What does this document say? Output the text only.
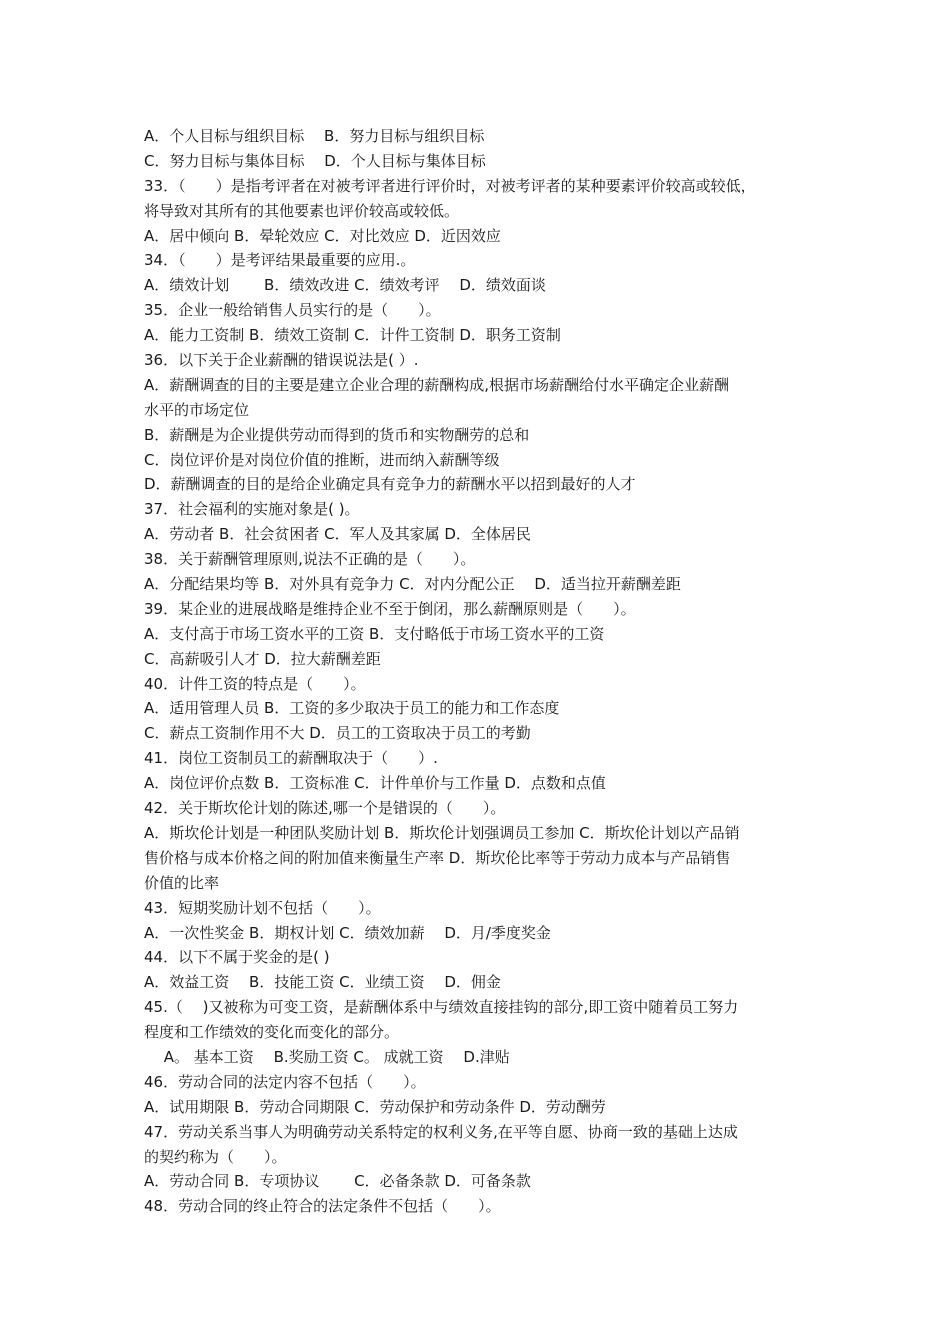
A．个人目标与组织目标　 B．努力目标与组织目标
C．努力目标与集体目标　 D．个人目标与集体目标
33．（　　）是指考评者在对被考评者进行评价时，对被考评者的某种要素评价较高或较低，
将导致对其所有的其他要素也评价较高或较低。
A．居中倾向 B．晕轮效应 C．对比效应 D．近因效应
34．（　　）是考评结果最重要的应用.。
A．绩效计划　　 B．绩效改进 C．绩效考评　 D．绩效面谈
35．企业一般给销售人员实行的是（　　）。
A．能力工资制 B．绩效工资制 C．计件工资制 D．职务工资制
36．以下关于企业薪酬的错误说法是( ）.
A．薪酬调查的目的主要是建立企业合理的薪酬构成,根据市场薪酬给付水平确定企业薪酬
水平的市场定位
B．薪酬是为企业提供劳动而得到的货币和实物酬劳的总和
C．岗位评价是对岗位价值的推断，进而纳入薪酬等级
D．薪酬调查的目的是给企业确定具有竞争力的薪酬水平以招到最好的人才
37．社会福利的实施对象是( )。
A．劳动者 B．社会贫困者 C．军人及其家属 D．全体居民
38．关于薪酬管理原则,说法不正确的是（　　）。
A．分配结果均等 B．对外具有竞争力 C．对内分配公正　 D．适当拉开薪酬差距
39．某企业的进展战略是维持企业不至于倒闭，那么薪酬原则是（　　）。
A．支付高于市场工资水平的工资 B．支付略低于市场工资水平的工资
C．高薪吸引人才 D．拉大薪酬差距
40．计件工资的特点是（　　）。
A．适用管理人员 B．工资的多少取决于员工的能力和工作态度
C．薪点工资制作用不大 D．员工的工资取决于员工的考勤
41．岗位工资制员工的薪酬取决于（　　）.
A．岗位评价点数 B．工资标准 C．计件单价与工作量 D．点数和点值
42．关于斯坎伦计划的陈述,哪一个是错误的（　　）。
A．斯坎伦计划是一种团队奖励计划 B．斯坎伦计划强调员工参加 C．斯坎伦计划以产品销
售价格与成本价格之间的附加值来衡量生产率 D．斯坎伦比率等于劳动力成本与产品销售
价值的比率
43．短期奖励计划不包括（　　）。
A．一次性奖金 B．期权计划 C．绩效加薪　 D．月/季度奖金
44．以下不属于奖金的是( )
A．效益工资　 B．技能工资 C．业绩工资　 D．佣金
45.（　 )又被称为可变工资，是薪酬体系中与绩效直接挂钩的部分,即工资中随着员工努力
程度和工作绩效的变化而变化的部分。
　 A。 基本工资　 B.奖励工资 C。 成就工资　 D.津贴
46．劳动合同的法定内容不包括（　　）。
A．试用期限 B．劳动合同期限 C．劳动保护和劳动条件 D．劳动酬劳
47．劳动关系当事人为明确劳动关系特定的权利义务,在平等自愿、协商一致的基础上达成
的契约称为（　　）。
A．劳动合同 B．专项协议　　 C．必备条款 D．可备条款
48．劳动合同的终止符合的法定条件不包括（　　）。
